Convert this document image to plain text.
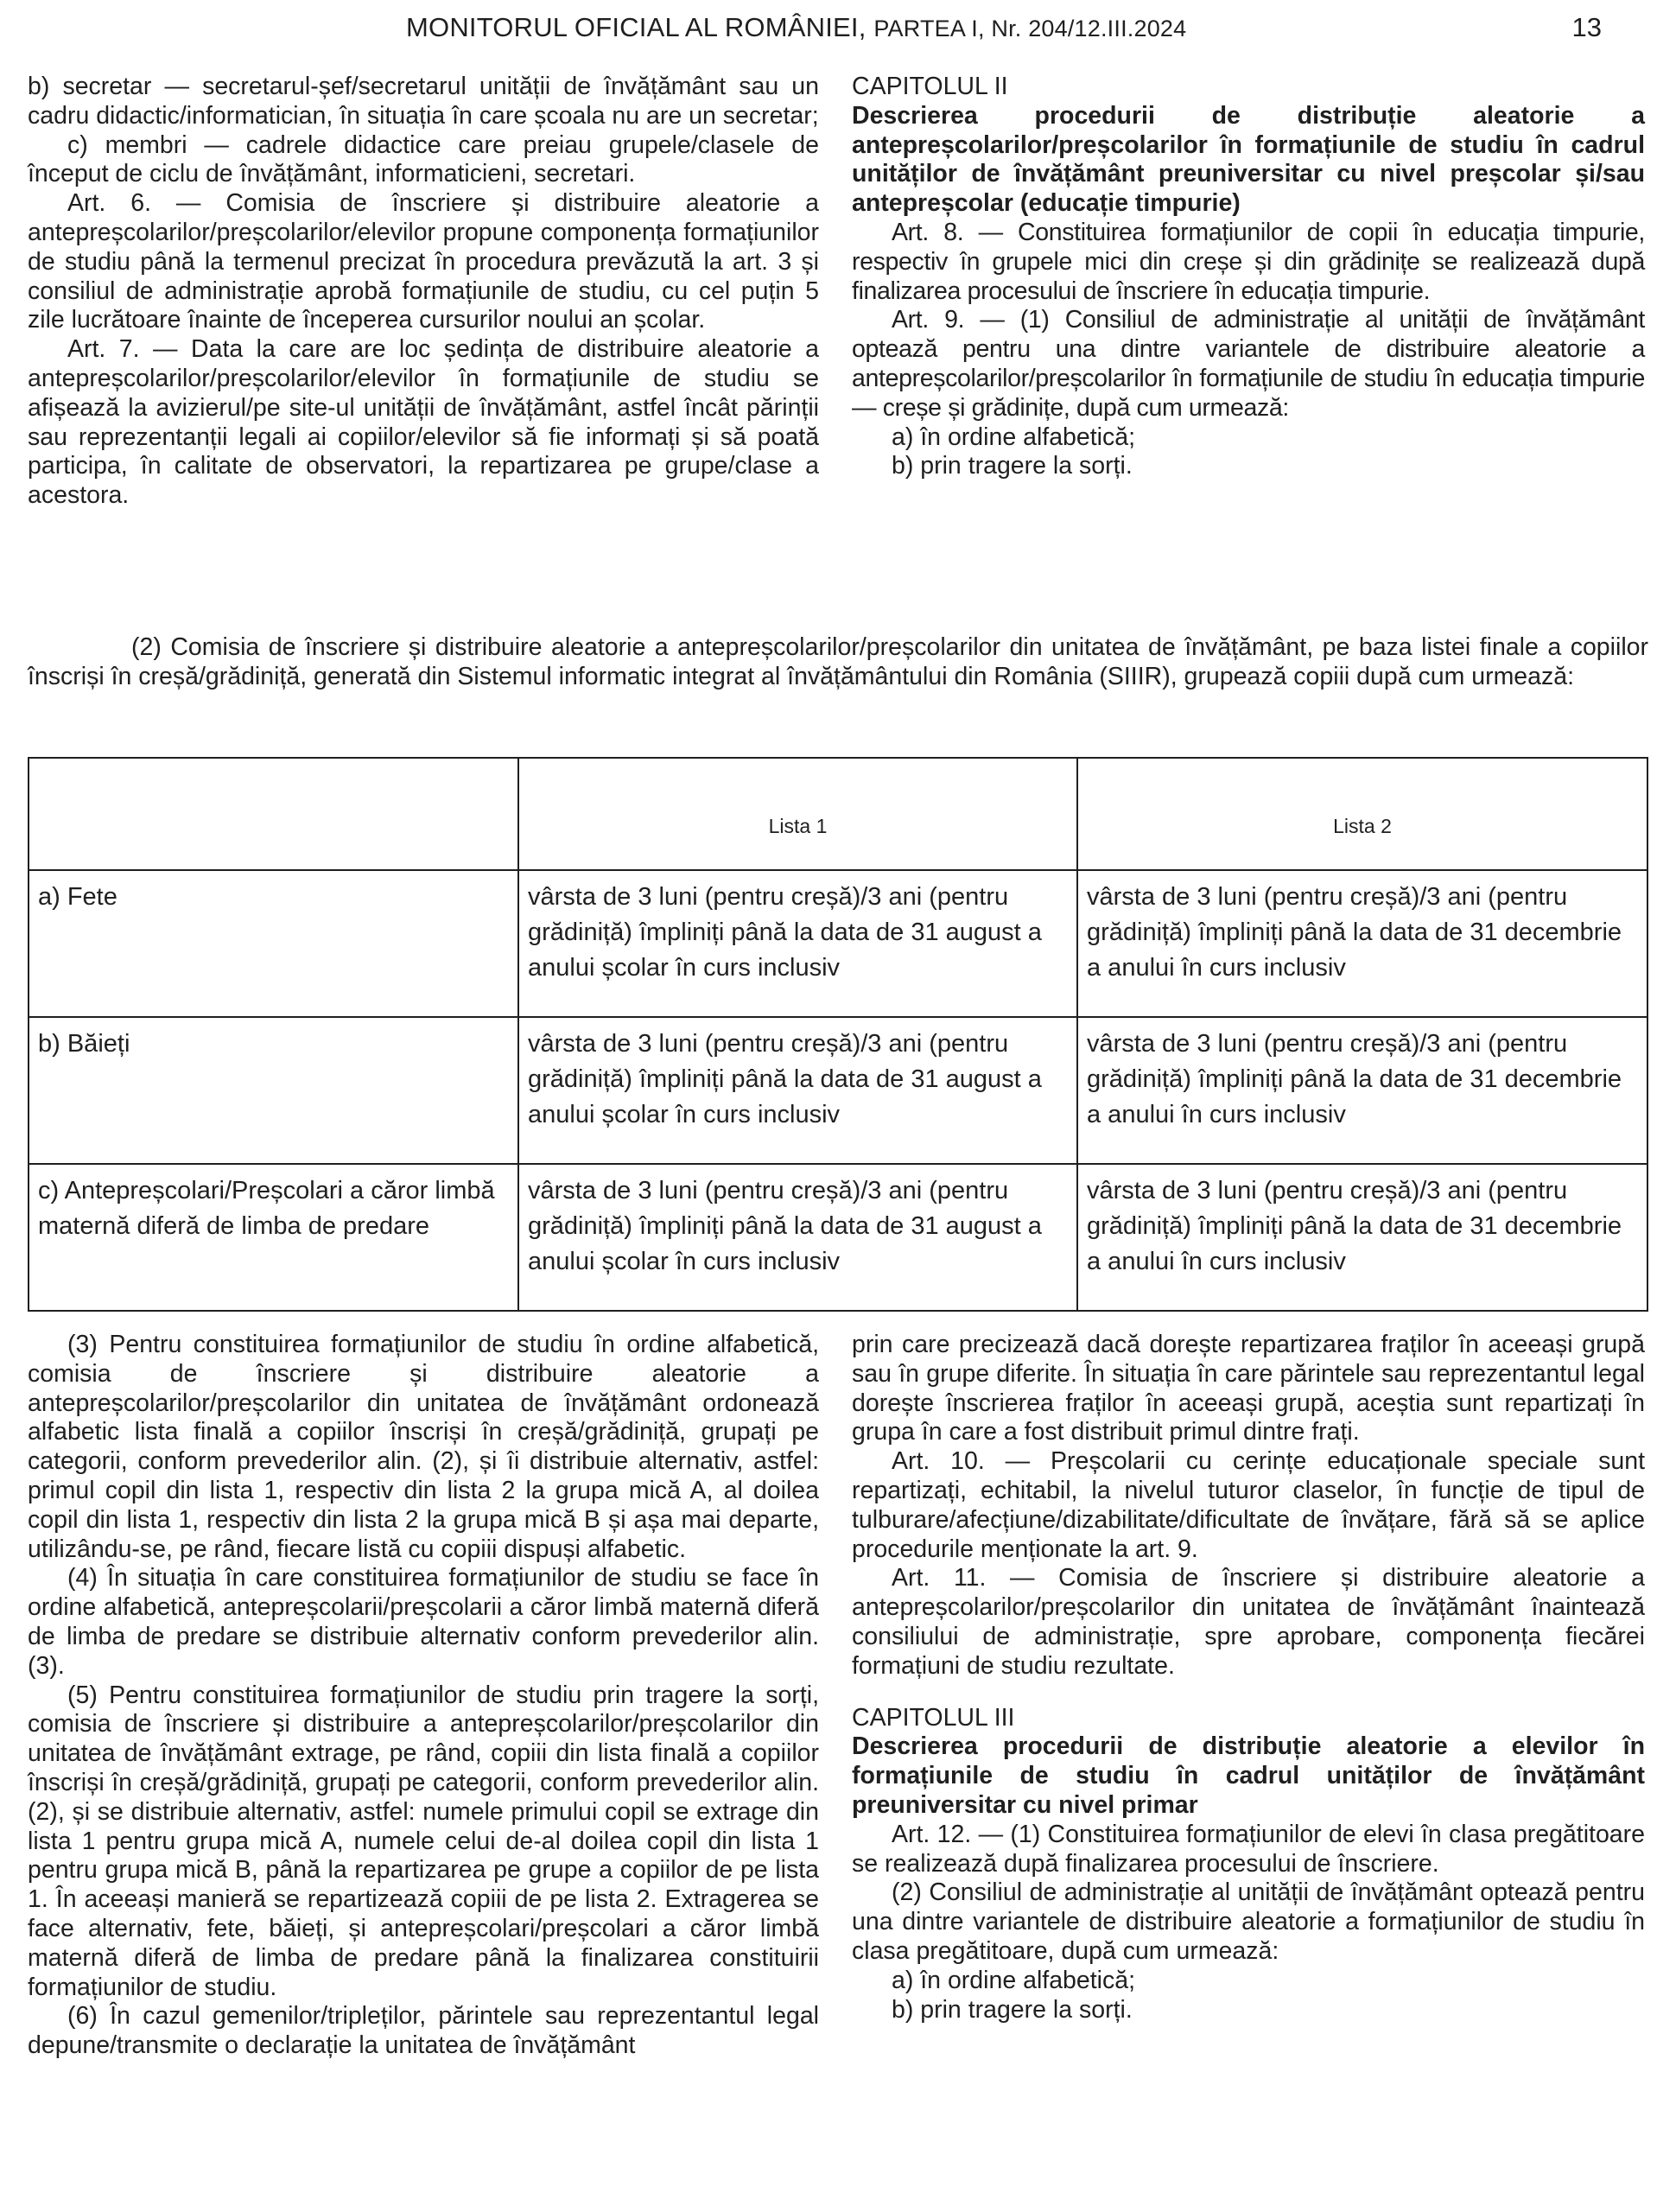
MONITORUL OFICIAL AL ROMÂNIEI, PARTEA I, Nr. 204/12.III.2024	13

b) secretar — secretarul-șef/secretarul unității de învățământ sau un cadru didactic/informatician, în situația în care școala nu are un secretar;

c) membri — cadrele didactice care preiau grupele/clasele de început de ciclu de învățământ, informaticieni, secretari.

Art. 6. — Comisia de înscriere și distribuire aleatorie a antepreșcolarilor/preșcolarilor/elevilor propune componența formațiunilor de studiu până la termenul precizat în procedura prevăzută la art. 3 și consiliul de administrație aprobă formațiunile de studiu, cu cel puțin 5 zile lucrătoare înainte de începerea cursurilor noului an școlar.

Art. 7. — Data la care are loc ședința de distribuire aleatorie a antepreșcolarilor/preșcolarilor/elevilor în formațiunile de studiu se afișează la avizierul/pe site-ul unității de învățământ, astfel încât părinții sau reprezentanții legali ai copiilor/elevilor să fie informați și să poată participa, în calitate de observatori, la repartizarea pe grupe/clase a acestora.

CAPITOLUL II

Descrierea procedurii de distribuție aleatorie a antepreșcolarilor/preșcolarilor în formațiunile de studiu în cadrul unităților de învățământ preuniversitar cu nivel preșcolar și/sau antepreșcolar (educație timpurie)

Art. 8. — Constituirea formațiunilor de copii în educația timpurie, respectiv în grupele mici din creșe și din grădinițe se realizează după finalizarea procesului de înscriere în educația timpurie.

Art. 9. — (1) Consiliul de administrație al unității de învățământ optează pentru una dintre variantele de distribuire aleatorie a antepreșcolarilor/preșcolarilor în formațiunile de studiu în educația timpurie — creșe și grădinițe, după cum urmează:

a) în ordine alfabetică;

b) prin tragere la sorți.

(2) Comisia de înscriere și distribuire aleatorie a antepreșcolarilor/preșcolarilor din unitatea de învățământ, pe baza listei finale a copiilor înscriși în creșă/grădiniță, generată din Sistemul informatic integrat al învățământului din România (SIIIR), grupează copiii după cum urmează:

	Lista 1	Lista 2
a) Fete	vârsta de 3 luni (pentru creșă)/3 ani (pentru grădiniță) împliniți până la data de 31 august a anului școlar în curs inclusiv	vârsta de 3 luni (pentru creșă)/3 ani (pentru grădiniță) împliniți până la data de 31 decembrie a anului în curs inclusiv
b) Băieți	vârsta de 3 luni (pentru creșă)/3 ani (pentru grădiniță) împliniți până la data de 31 august a anului școlar în curs inclusiv	vârsta de 3 luni (pentru creșă)/3 ani (pentru grădiniță) împliniți până la data de 31 decembrie a anului în curs inclusiv
c) Antepreșcolari/Preșcolari a căror limbă maternă diferă de limba de predare	vârsta de 3 luni (pentru creșă)/3 ani (pentru grădiniță) împliniți până la data de 31 august a anului școlar în curs inclusiv	vârsta de 3 luni (pentru creșă)/3 ani (pentru grădiniță) împliniți până la data de 31 decembrie a anului în curs inclusiv

(3) Pentru constituirea formațiunilor de studiu în ordine alfabetică, comisia de înscriere și distribuire aleatorie a antepreșcolarilor/preșcolarilor din unitatea de învățământ ordonează alfabetic lista finală a copiilor înscriși în creșă/grădiniță, grupați pe categorii, conform prevederilor alin. (2), și îi distribuie alternativ, astfel: primul copil din lista 1, respectiv din lista 2 la grupa mică A, al doilea copil din lista 1, respectiv din lista 2 la grupa mică B și așa mai departe, utilizându-se, pe rând, fiecare listă cu copiii dispuși alfabetic.

(4) În situația în care constituirea formațiunilor de studiu se face în ordine alfabetică, antepreșcolarii/preșcolarii a căror limbă maternă diferă de limba de predare se distribuie alternativ conform prevederilor alin. (3).

(5) Pentru constituirea formațiunilor de studiu prin tragere la sorți, comisia de înscriere și distribuire a antepreșcolarilor/preșcolarilor din unitatea de învățământ extrage, pe rând, copiii din lista finală a copiilor înscriși în creșă/grădiniță, grupați pe categorii, conform prevederilor alin. (2), și se distribuie alternativ, astfel: numele primului copil se extrage din lista 1 pentru grupa mică A, numele celui de-al doilea copil din lista 1 pentru grupa mică B, până la repartizarea pe grupe a copiilor de pe lista 1. În aceeași manieră se repartizează copiii de pe lista 2. Extragerea se face alternativ, fete, băieți, și antepreșcolari/preșcolari a căror limbă maternă diferă de limba de predare până la finalizarea constituirii formațiunilor de studiu.

(6) În cazul gemenilor/tripleților, părintele sau reprezentantul legal depune/transmite o declarație la unitatea de învățământ

prin care precizează dacă dorește repartizarea fraților în aceeași grupă sau în grupe diferite. În situația în care părintele sau reprezentantul legal dorește înscrierea fraților în aceeași grupă, aceștia sunt repartizați în grupa în care a fost distribuit primul dintre frați.

Art. 10. — Preșcolarii cu cerințe educaționale speciale sunt repartizați, echitabil, la nivelul tuturor claselor, în funcție de tipul de tulburare/afecțiune/dizabilitate/dificultate de învățare, fără să se aplice procedurile menționate la art. 9.

Art. 11. — Comisia de înscriere și distribuire aleatorie a antepreșcolarilor/preșcolarilor din unitatea de învățământ înaintează consiliului de administrație, spre aprobare, componența fiecărei formațiuni de studiu rezultate.

CAPITOLUL III

Descrierea procedurii de distribuție aleatorie a elevilor în formațiunile de studiu în cadrul unităților de învățământ preuniversitar cu nivel primar

Art. 12. — (1) Constituirea formațiunilor de elevi în clasa pregătitoare se realizează după finalizarea procesului de înscriere.

(2) Consiliul de administrație al unității de învățământ optează pentru una dintre variantele de distribuire aleatorie a formațiunilor de studiu în clasa pregătitoare, după cum urmează:

a) în ordine alfabetică;

b) prin tragere la sorți.
